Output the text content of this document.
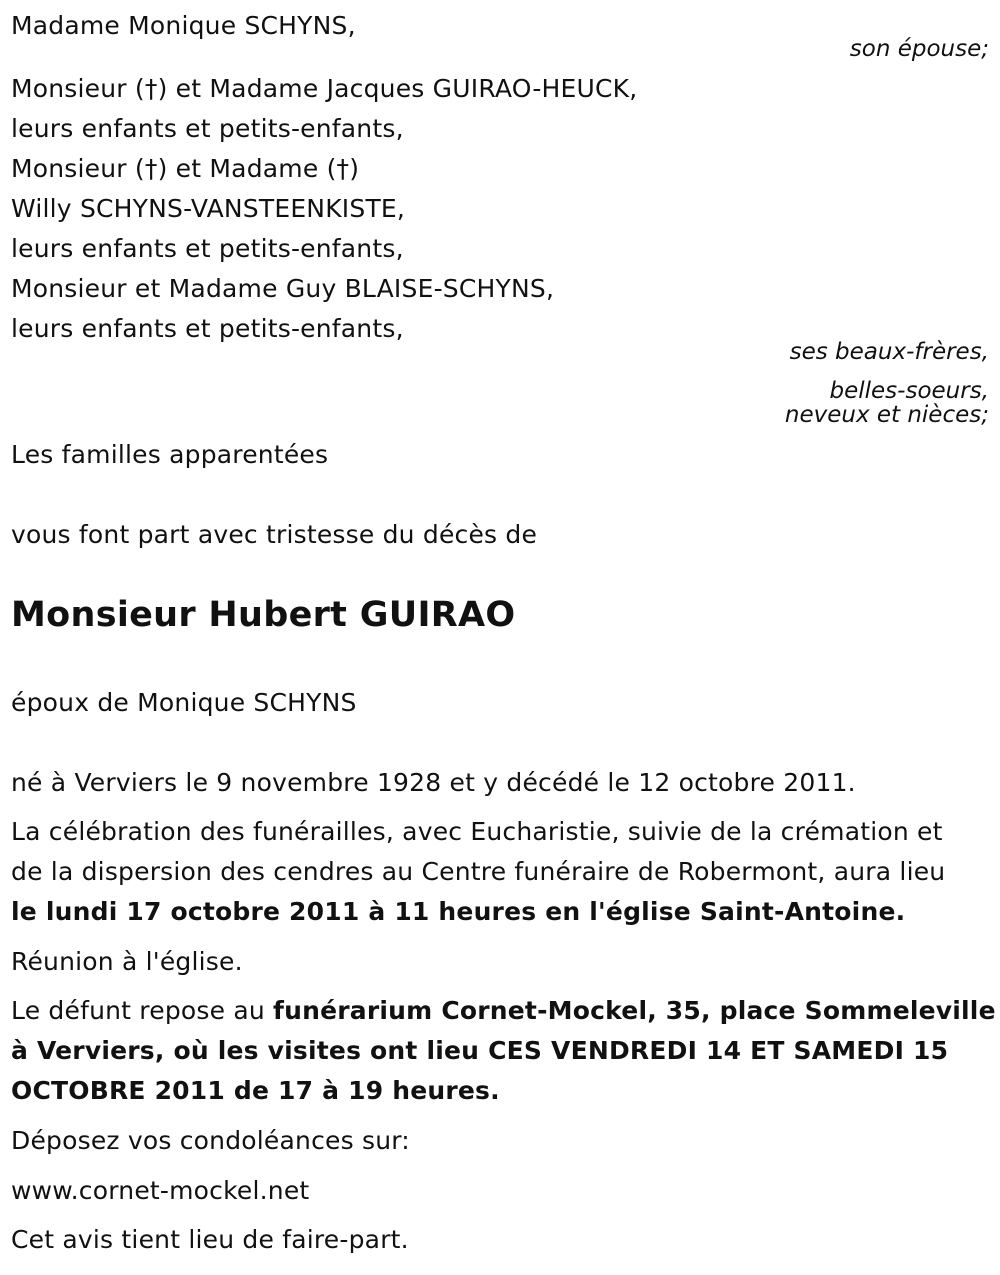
Madame Monique SCHYNS,
son épouse;
Monsieur (†) et Madame Jacques GUIRAO-HEUCK,
leurs enfants et petits-enfants,
Monsieur (†) et Madame (†)
Willy SCHYNS-VANSTEENKISTE,
leurs enfants et petits-enfants,
Monsieur et Madame Guy BLAISE-SCHYNS,
leurs enfants et petits-enfants,
ses beaux-frères,
belles-soeurs,
neveux et nièces;
Les familles apparentées
vous font part avec tristesse du décès de
Monsieur Hubert GUIRAO
époux de Monique SCHYNS
né à Verviers le 9 novembre 1928 et y décédé le 12 octobre 2011.
La célébration des funérailles, avec Eucharistie, suivie de la crémation et
de la dispersion des cendres au Centre funéraire de Robermont, aura lieu
le lundi 17 octobre 2011 à 11 heures en l'église Saint-Antoine.
Réunion à l'église.
Le défunt repose au funérarium Cornet-Mockel, 35, place Sommeleville
à Verviers, où les visites ont lieu CES VENDREDI 14 ET SAMEDI 15
OCTOBRE 2011 de 17 à 19 heures.
Déposez vos condoléances sur:
www.cornet-mockel.net
Cet avis tient lieu de faire-part.
